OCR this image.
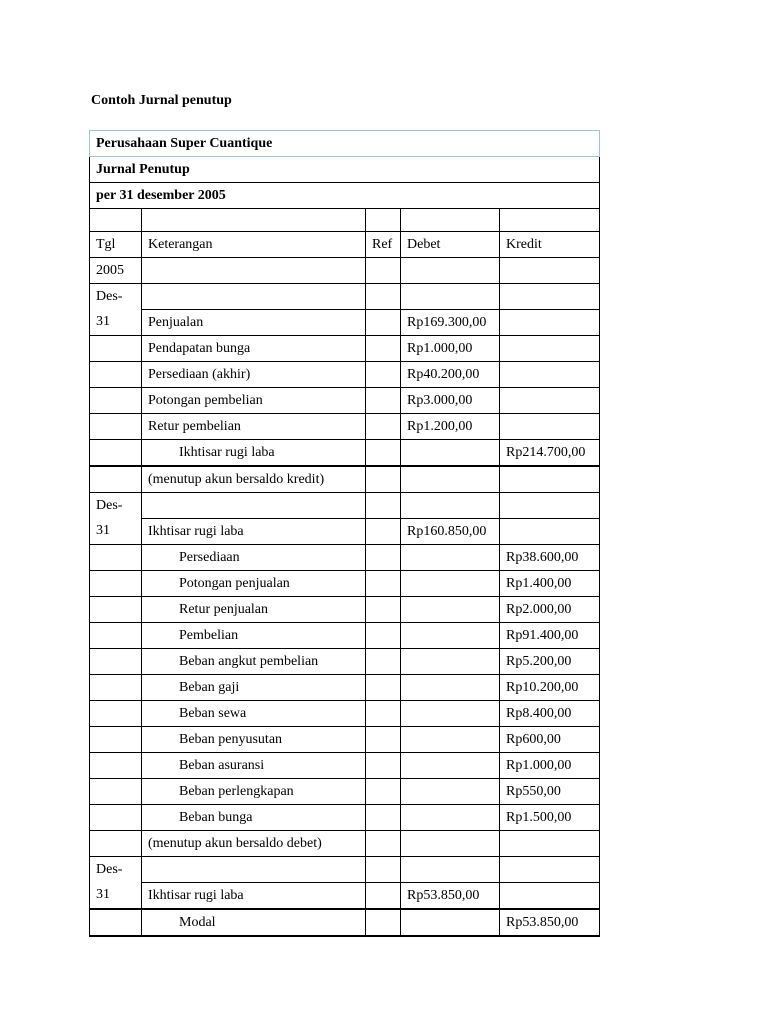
Contoh Jurnal penutup
Perusahaan Super Cuantique				
Jurnal Penutup				
per 31 desember 2005				

Tgl	Keterangan	Ref	Debet	Kredit
2005				
Des-
31				
	Penjualan		Rp169.300,00	
	Pendapatan bunga		Rp1.000,00	
	Persediaan (akhir)		Rp40.200,00	
	Potongan pembelian		Rp3.000,00	
	Retur pembelian		Rp1.200,00	
	Ikhtisar rugi laba			Rp214.700,00
	(menutup akun bersaldo kredit)			
Des-
31				
	Ikhtisar rugi laba		Rp160.850,00	
	Persediaan			Rp38.600,00
	Potongan penjualan			Rp1.400,00
	Retur penjualan			Rp2.000,00
	Pembelian			Rp91.400,00
	Beban angkut pembelian			Rp5.200,00
	Beban gaji			Rp10.200,00
	Beban sewa			Rp8.400,00
	Beban penyusutan			Rp600,00
	Beban asuransi			Rp1.000,00
	Beban perlengkapan			Rp550,00
	Beban bunga			Rp1.500,00
	(menutup akun bersaldo debet)			
Des-
31				
	Ikhtisar rugi laba		Rp53.850,00	
	Modal			Rp53.850,00
